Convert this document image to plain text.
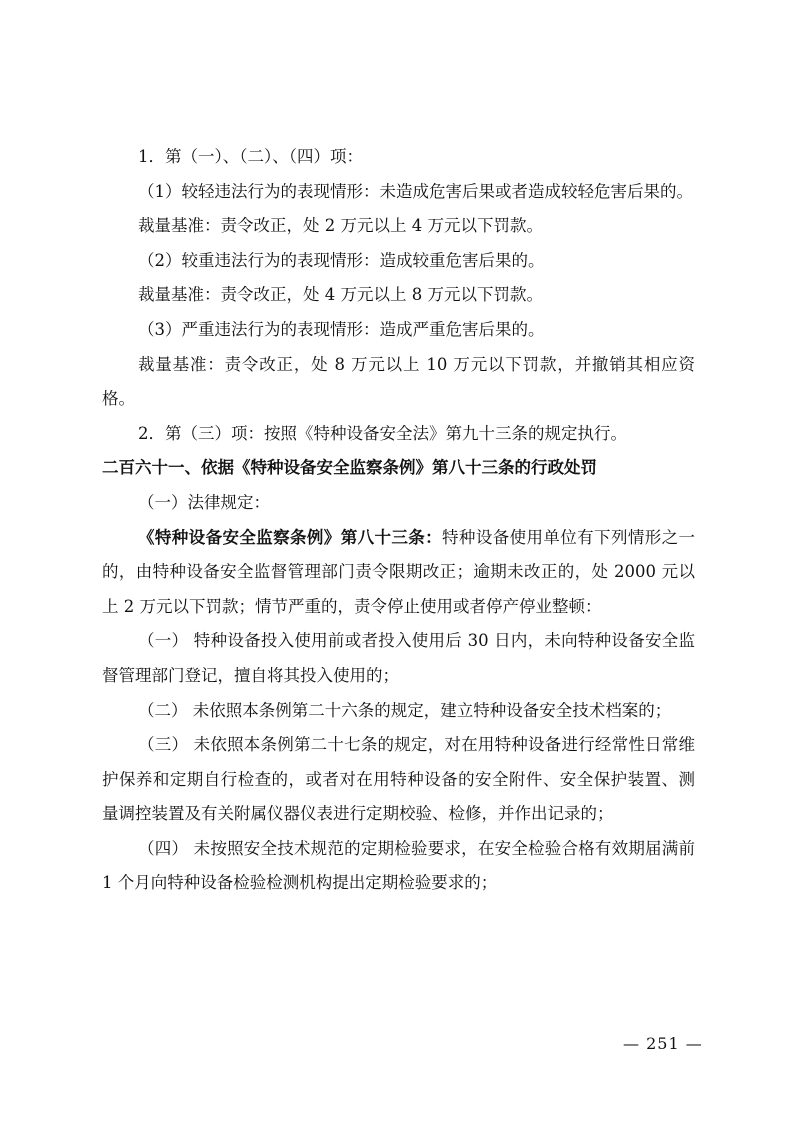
1．第（一）、（二）、（四）项：

（1）较轻违法行为的表现情形：未造成危害后果或者造成较轻危害后果的。

裁量基准：责令改正，处 2 万元以上 4 万元以下罚款。

（2）较重违法行为的表现情形：造成较重危害后果的。

裁量基准：责令改正，处 4 万元以上 8 万元以下罚款。

（3）严重违法行为的表现情形：造成严重危害后果的。

裁量基准：责令改正，处 8 万元以上 10 万元以下罚款，并撤销其相应资格。

2．第（三）项：按照《特种设备安全法》第九十三条的规定执行。

二百六十一、依据《特种设备安全监察条例》第八十三条的行政处罚

（一）法律规定：

《特种设备安全监察条例》第八十三条：特种设备使用单位有下列情形之一的，由特种设备安全监督管理部门责令限期改正；逾期未改正的，处 2000 元以上 2 万元以下罚款；情节严重的，责令停止使用或者停产停业整顿：

（一） 特种设备投入使用前或者投入使用后 30 日内，未向特种设备安全监督管理部门登记，擅自将其投入使用的；

（二） 未依照本条例第二十六条的规定，建立特种设备安全技术档案的；

（三） 未依照本条例第二十七条的规定，对在用特种设备进行经常性日常维护保养和定期自行检查的，或者对在用特种设备的安全附件、安全保护装置、测量调控装置及有关附属仪器仪表进行定期校验、检修，并作出记录的；

（四） 未按照安全技术规范的定期检验要求，在安全检验合格有效期届满前 1 个月向特种设备检验检测机构提出定期检验要求的；

— 251 —
